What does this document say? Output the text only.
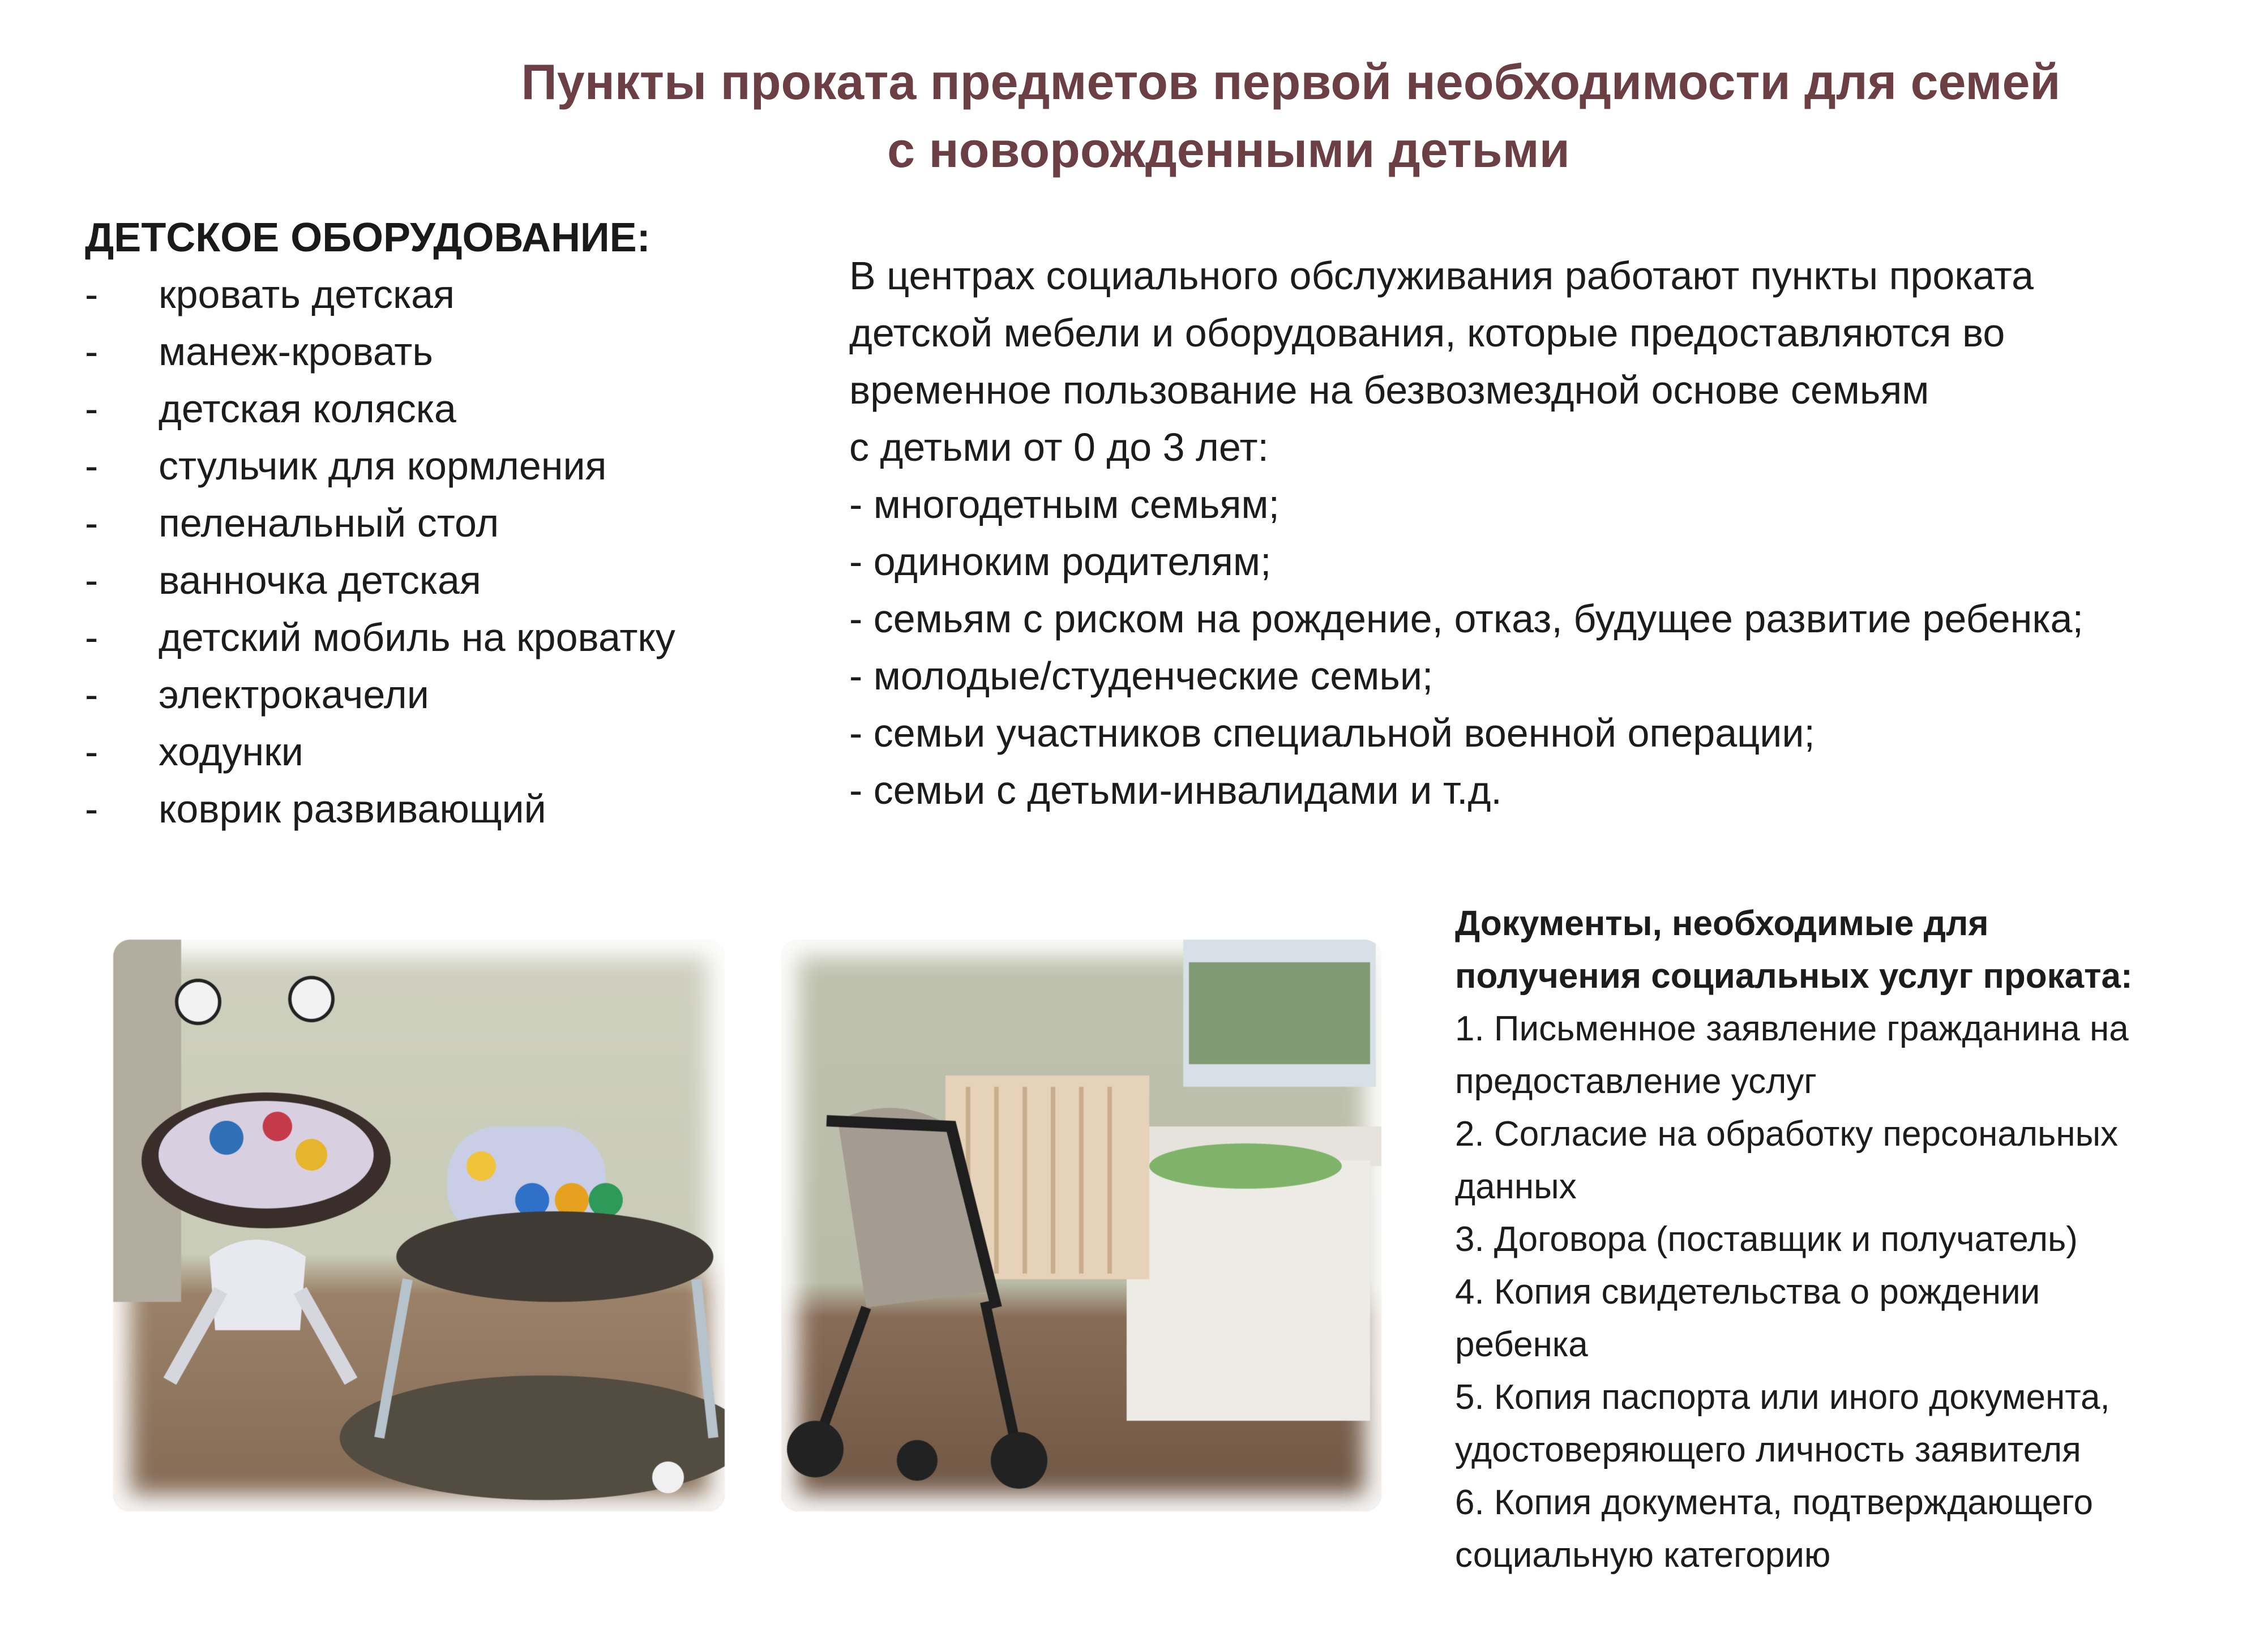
Пункты проката предметов первой необходимости для семей
с новорожденными детьми
ДЕТСКОЕ ОБОРУДОВАНИЕ:
-	кровать детская
-	манеж-кровать
-	детская коляска
-	стульчик для кормления
-	пеленальный стол
-	ванночка детская
-	детский мобиль на кроватку
-	электрокачели
-	ходунки
-	коврик развивающий

В центрах социального обслуживания работают пункты проката

детской мебели и оборудования, которые предоставляются во

временное пользование на безвозмездной основе семьям

с детьми от 0 до 3 лет:

- многодетным семьям;

- одиноким родителям;

- семьям с риском на рождение, отказ, будущее развитие ребенка;

- молодые/студенческие семьи;

- семьи участников специальной военной операции;

- семьи с детьми-инвалидами и т.д.

Документы, необходимые для

получения социальных услуг проката:

1. Письменное заявление гражданина на

предоставление услуг

2. Согласие на обработку персональных

данных

3. Договора (поставщик и получатель)

4. Копия свидетельства о рождении

ребенка

5. Копия паспорта или иного документа,

удостоверяющего личность заявителя

6. Копия документа, подтверждающего

социальную категорию
